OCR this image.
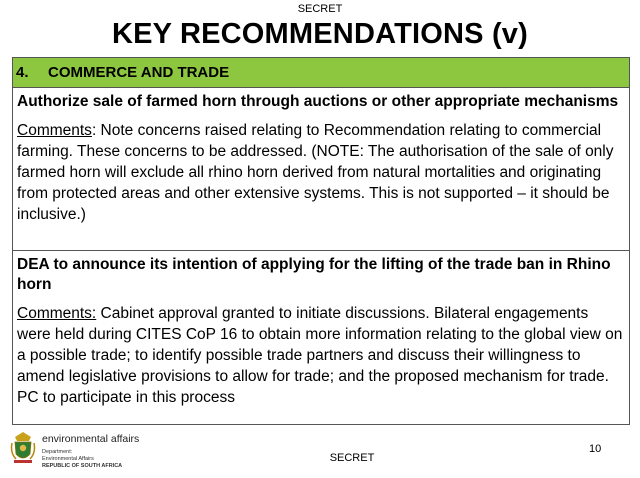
SECRET
KEY RECOMMENDATIONS (v)
4.	COMMERCE AND TRADE
Authorize sale of farmed horn through auctions or other appropriate mechanisms
Comments: Note concerns raised relating to Recommendation relating to commercial farming. These concerns to be addressed. (NOTE: The authorisation of the sale of only farmed horn will exclude all rhino horn derived from natural mortalities and originating from protected areas and other extensive systems. This is not supported – it should be inclusive.)
DEA to announce its intention of applying for the lifting of the trade ban in Rhino horn
Comments: Cabinet approval granted to initiate discussions. Bilateral engagements were held during CITES CoP 16 to obtain more information relating to the global view on a possible trade; to identify possible trade partners and discuss their willingness to amend legislative provisions to allow for trade; and the proposed mechanism for trade. PC to participate in this process
environmental affairs
Department:
Environmental Affairs
REPUBLIC OF SOUTH AFRICA
SECRET
10
